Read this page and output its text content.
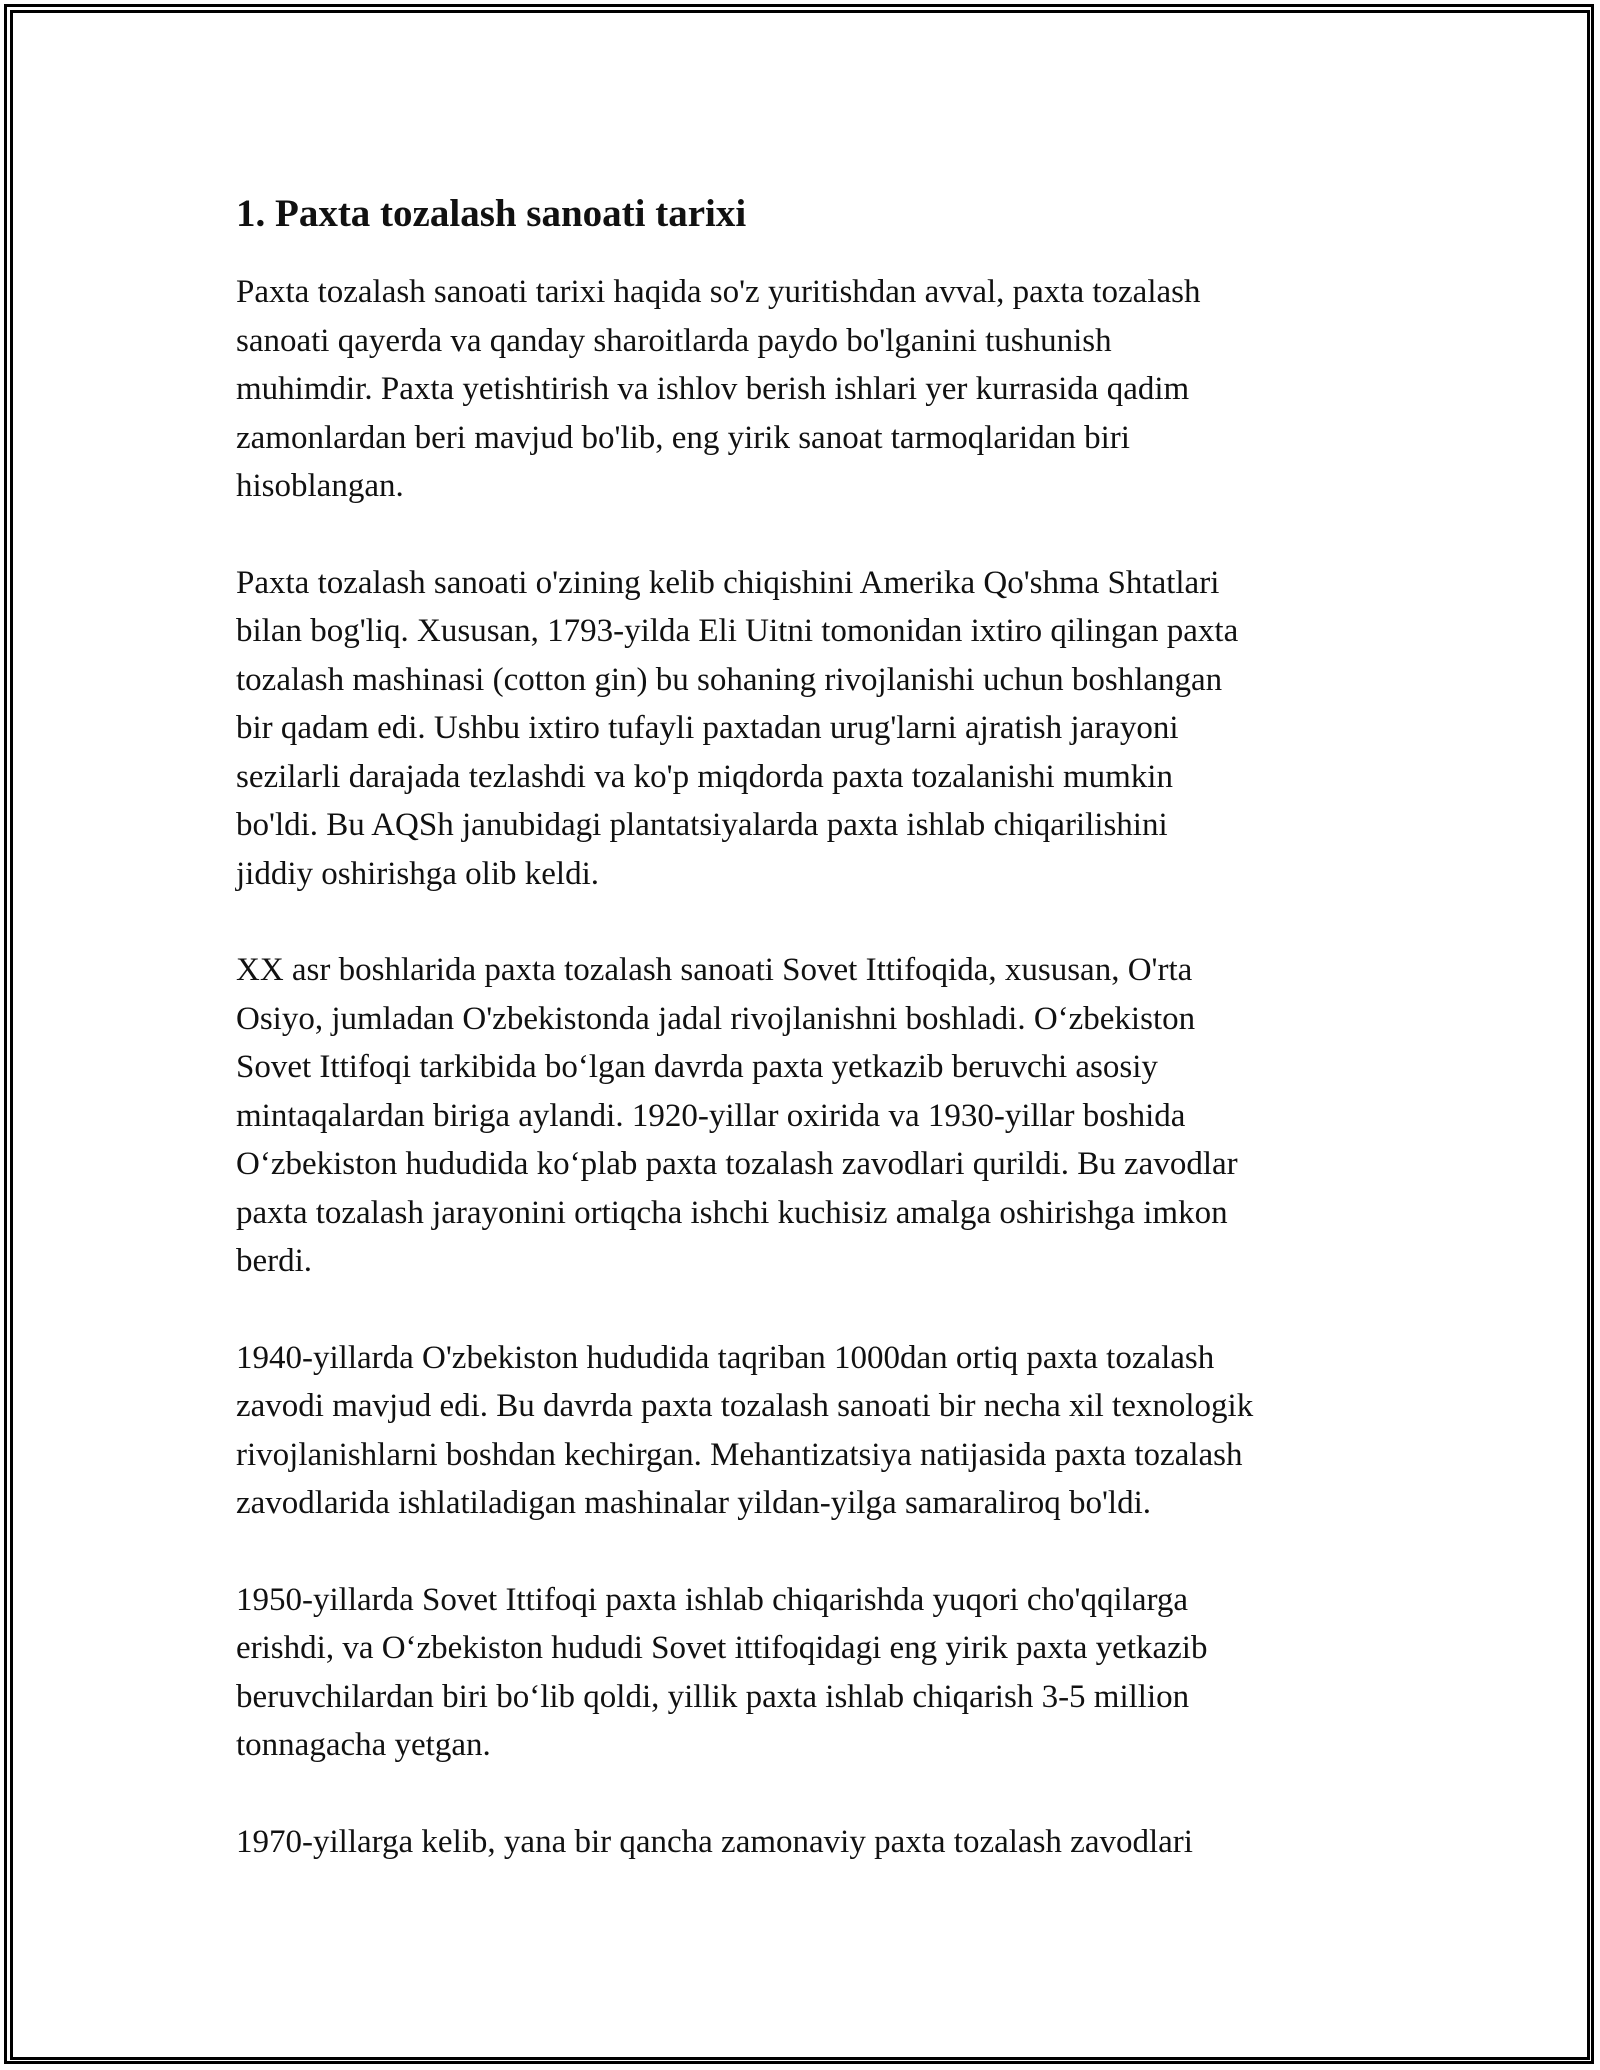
1. Paxta tozalash sanoati tarixi

Paxta tozalash sanoati tarixi haqida so'z yuritishdan avval, paxta tozalash
sanoati qayerda va qanday sharoitlarda paydo bo'lganini tushunish
muhimdir. Paxta yetishtirish va ishlov berish ishlari yer kurrasida qadim
zamonlardan beri mavjud bo'lib, eng yirik sanoat tarmoqlaridan biri
hisoblangan.

Paxta tozalash sanoati o'zining kelib chiqishini Amerika Qo'shma Shtatlari
bilan bog'liq. Xususan, 1793-yilda Eli Uitni tomonidan ixtiro qilingan paxta
tozalash mashinasi (cotton gin) bu sohaning rivojlanishi uchun boshlangan
bir qadam edi. Ushbu ixtiro tufayli paxtadan urug'larni ajratish jarayoni
sezilarli darajada tezlashdi va ko'p miqdorda paxta tozalanishi mumkin
bo'ldi. Bu AQSh janubidagi plantatsiyalarda paxta ishlab chiqarilishini
jiddiy oshirishga olib keldi.

XX asr boshlarida paxta tozalash sanoati Sovet Ittifoqida, xususan, O'rta
Osiyo, jumladan O'zbekistonda jadal rivojlanishni boshladi. O‘zbekiston
Sovet Ittifoqi tarkibida bo‘lgan davrda paxta yetkazib beruvchi asosiy
mintaqalardan biriga aylandi. 1920-yillar oxirida va 1930-yillar boshida
O‘zbekiston hududida ko‘plab paxta tozalash zavodlari qurildi. Bu zavodlar
paxta tozalash jarayonini ortiqcha ishchi kuchisiz amalga oshirishga imkon
berdi.

1940-yillarda O'zbekiston hududida taqriban 1000dan ortiq paxta tozalash
zavodi mavjud edi. Bu davrda paxta tozalash sanoati bir necha xil texnologik
rivojlanishlarni boshdan kechirgan. Mehantizatsiya natijasida paxta tozalash
zavodlarida ishlatiladigan mashinalar yildan-yilga samaraliroq bo'ldi.

1950-yillarda Sovet Ittifoqi paxta ishlab chiqarishda yuqori cho'qqilarga
erishdi, va O‘zbekiston hududi Sovet ittifoqidagi eng yirik paxta yetkazib
beruvchilardan biri bo‘lib qoldi, yillik paxta ishlab chiqarish 3-5 million
tonnagacha yetgan.

1970-yillarga kelib, yana bir qancha zamonaviy paxta tozalash zavodlari
